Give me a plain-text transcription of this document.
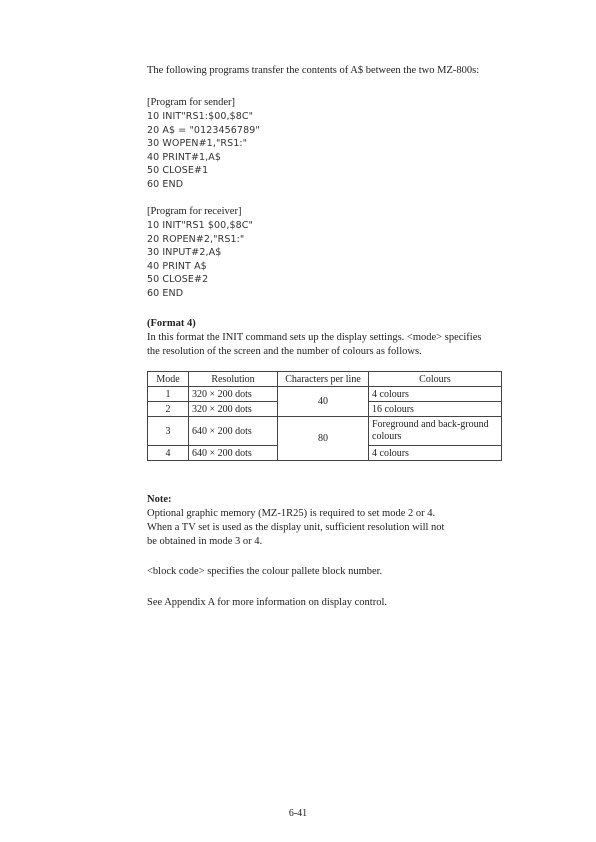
The following programs transfer the contents of A$ between the two MZ-800s:
[Program for sender]
10 INIT"RS1:$00,$8C"
20 A$ = "0123456789"
30 WOPEN#1,"RS1:"
40 PRINT#1,A$
50 CLOSE#1
60 END
[Program for receiver]
10 INIT"RS1 $00,$8C"
20 ROPEN#2,"RS1:"
30 INPUT#2,A$
40 PRINT A$
50 CLOSE#2
60 END
(Format 4)
In this format the INIT command sets up the display settings. <mode> specifies
the resolution of the screen and the number of colours as follows.
Mode	Resolution	Characters per line	Colours
1	320 × 200 dots	40	4 colours
2	320 × 200 dots		16 colours
3	640 × 200 dots	80	Foreground and back-ground colours
4	640 × 200 dots		4 colours
Note:
Optional graphic memory (MZ-1R25) is required to set mode 2 or 4.
When a TV set is used as the display unit, sufficient resolution will not
be obtained in mode 3 or 4.
<block code> specifies the colour pallete block number.
See Appendix A for more information on display control.
6-41
